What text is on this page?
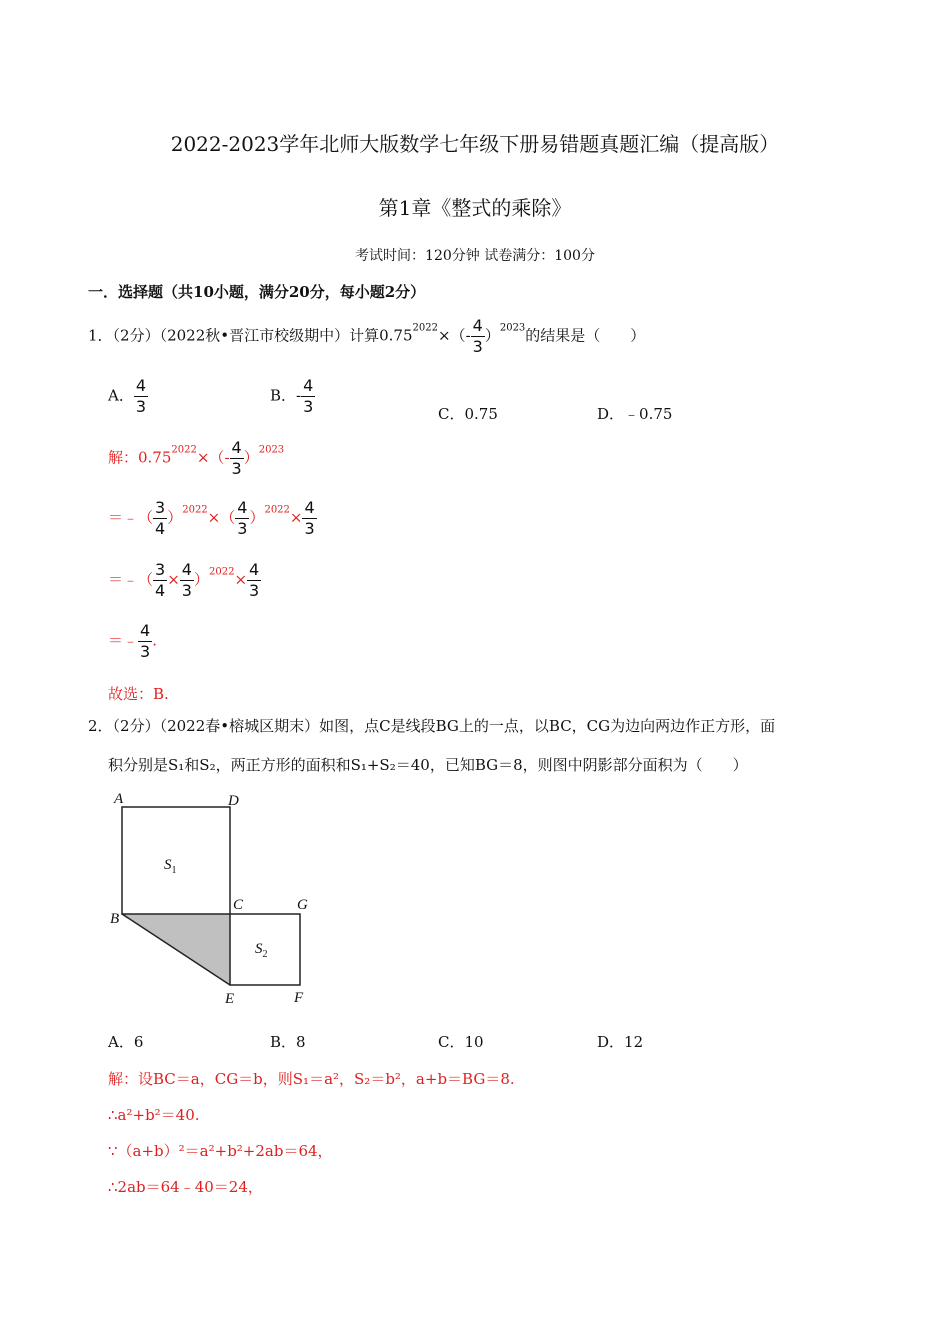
2022-2023学年北师大版数学七年级下册易错题真题汇编（提高版）
第1章《整式的乘除》
考试时间：120分钟 试卷满分：100分
一．选择题（共10小题，满分20分，每小题2分）
1．（2分）（2022秋•晋江市校级期中）计算$0.75^{2022}\times(- \frac{4}{3} )^{2023}$的结果是（　　）
A． $\frac{4}{3}$	B．- $\frac{4}{3}$	C．0.75	D．﹣0.75
解：$0.75^{2022}\times(- \frac{4}{3} )^{2023}$
＝﹣（ $\frac{3}{4} )^{2022}\times( \frac{4}{3} )^{2022}\times \frac{4}{3}$
＝﹣（ $\frac{3}{4} \times \frac{4}{3} )^{2022}\times \frac{4}{3}$
＝﹣ $\frac{4}{3}$ .
故选：B.
2．（2分）（2022春•榕城区期末）如图，点C是线段BG上的一点，以BC，CG为边向两边作正方形，面
积分别是S₁和S₂，两正方形的面积和S₁+S₂＝40，已知BG＝8，则图中阴影部分面积为（　　）
A	D
B
C	G
E	F
$S_1$
$S_2$
A．6	B．8	C．10	D．12
解：设BC＝a，CG＝b，则S₁＝a²，S₂＝b²，a+b＝BG＝8.
∴a²+b²＝40.
∵（a+b）²＝a²+b²+2ab＝64，
∴2ab＝64﹣40＝24，
